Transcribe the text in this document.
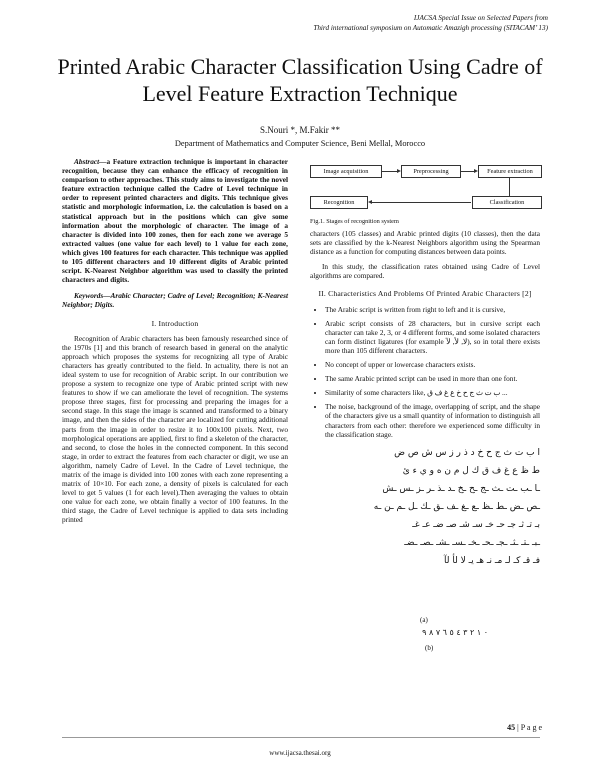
IJACSA Special Issue on Selected Papers from
Third international symposium on Automatic Amazigh processing (SITACAM’ 13)
Printed Arabic Character Classification Using Cadre of Level Feature Extraction Technique
S.Nouri *, M.Fakir **
Department of Mathematics and Computer Science, Beni Mellal, Morocco

Abstract—a Feature extraction technique is important in character recognition, because they can enhance the efficacy of recognition in comparison to other approaches. This study aims to investigate the novel feature extraction technique called the Cadre of Level technique in order to represent printed characters and digits. This technique gives statistic and morphologic information, i.e. the calculation is based on a statistical approach but in the positions which can give some information about the morphologic of character. The image of a character is divided into 100 zones, then for each zone we average 5 extracted values (one value for each level) to 1 value for each zone, which gives 100 features for each character. This technique was applied to 105 different characters and 10 different digits of Arabic printed script. K-Nearest Neighbor algorithm was used to classify the printed characters and digits.

Keywords—Arabic Character; Cadre of Level; Recognition; K-Nearest Neighbor; Digits.

I. Introduction

Recognition of Arabic characters has been famously researched since of the 1970s [1] and this branch of research based in general on the analytic approach which proposes the systems for recognizing all type of Arabic characters has greatly contributed to the field. In actuality, there is not an ideal system to use for recognition of Arabic script. In our contribution we propose a system to recognize one type of Arabic printed script with new features to show if we can ameliorate the level of recognition. The systems propose three stages, first for processing and preparing the images for a second stage. In this stage the image is scanned and transformed to a binary image, and then the sides of the character are localized for cutting additional parts from the image in order to resize it to 100x100 pixels. Next, two morphological operations are applied, first to find a skeleton of the character, and second, to close the holes in the connected component. In this second stage, in order to extract the features from each character or digit, we use an algorithm, namely Cadre of Level. In the Cadre of Level technique, the matrix of the image is divided into 100 zones with each zone representing a matrix of 10×10. For each zone, a density of pixels is calculated for each level to get 5 values (1 for each level).Then averaging the values to obtain one value for each zone, we obtain finally a vector of 100 features. In the third stage, the Cadre of Level technique is applied to data sets including printed

Image acquisition	Preprocessing	Feature extraction
Classification
Recognition
Fig.1. Stages of recognition system

characters (105 classes) and Arabic printed digits (10 classes), then the data sets are classified by the k-Nearest Neighbors algorithm using the Spearman distance as a function for computing distances between data points.

In this study, the classification rates obtained using Cadre of Level algorithms are compared.

II. Characteristics And Problems Of Printed Arabic Characters [2]
• The Arabic script is written from right to left and it is cursive,
• Arabic script consists of 28 characters, but in cursive script each character can take 2, 3, or 4 different forms, and some isolated characters can form distinct ligatures (for example لا, لأ, لآ), so in total there exists more than 105 different characters.
• No concept of upper or lowercase characters exists.
• The same Arabic printed script can be used in more than one font.
• Similarity of some characters like, ب ت ث ج ح خ ع غ ف ق ...
• The noise, background of the image, overlapping of script, and the shape of the characters give us a small quantity of information to distinguish all characters from each other: therefore we experienced some difficulty in the classification stage.
ا ب ت ث ج ح خ د ذ ر ز س ش ص ض
ط ظ ع غ ف ق ك ل م ن ه و ي ء ئ
ـا ـب ـت ـث ـج ـح ـخ ـد ـذ ـر ـز ـس ـش
ـص ـض ـط ـظ ـع ـغ ـف ـق ـك ـل ـم ـن ـه
بـ تـ ثـ جـ حـ خـ سـ شـ صـ ضـ عـ غـ
ـبـ ـتـ ـثـ ـجـ ـحـ ـخـ ـسـ ـشـ ـصـ ـضـ
فـ قـ كـ لـ مـ نـ هـ يـ لا لأ لآ
(a)
٠ ١ ٢ ٣ ٤ ٥ ٦ ٧ ٨ ٩
(b)
45 | P a g e
www.ijacsa.thesai.org
